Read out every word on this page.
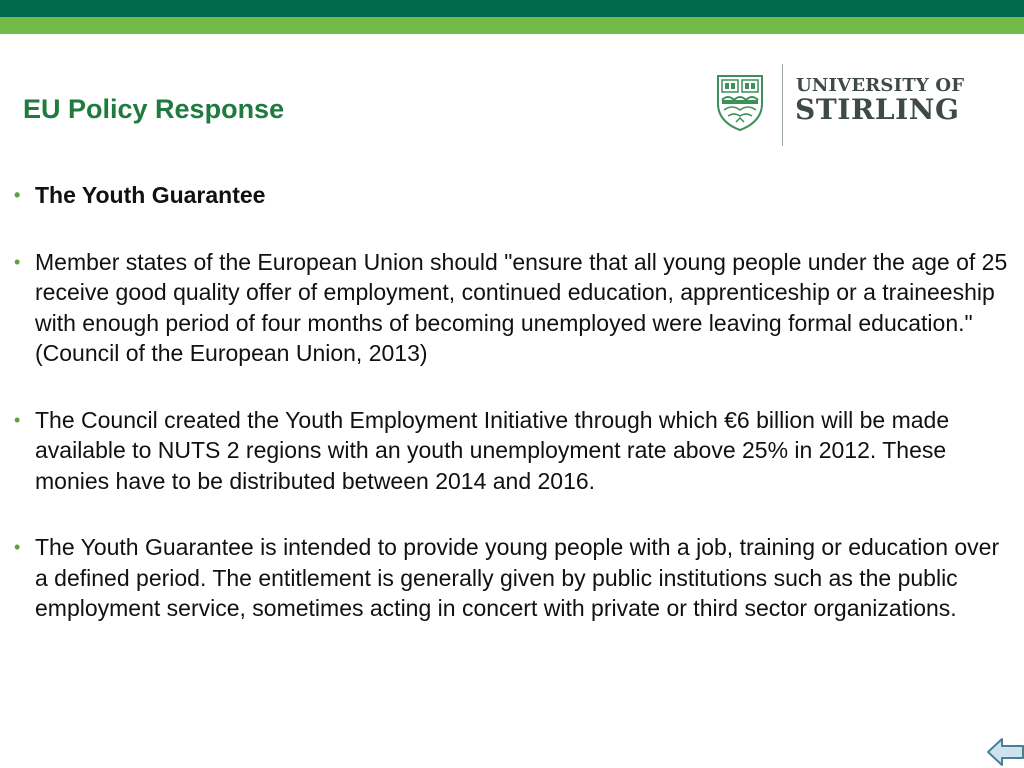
EU Policy Response
UNIVERSITY OF
STIRLING
• The Youth Guarantee
• Member states of the European Union should "ensure that all young people under the age of 25 receive good quality offer of employment, continued education, apprenticeship or a traineeship with enough period of four months of becoming unemployed were leaving formal education." (Council of the European Union, 2013)
• The Council created the Youth Employment Initiative through which €6 billion will be made available to NUTS 2 regions with an youth unemployment rate above 25% in 2012. These monies have to be distributed between 2014 and 2016.
• The Youth Guarantee is intended to provide young people with a job, training or education over a defined period. The entitlement is generally given by public institutions such as the public employment service, sometimes acting in concert with private or third sector organizations.
